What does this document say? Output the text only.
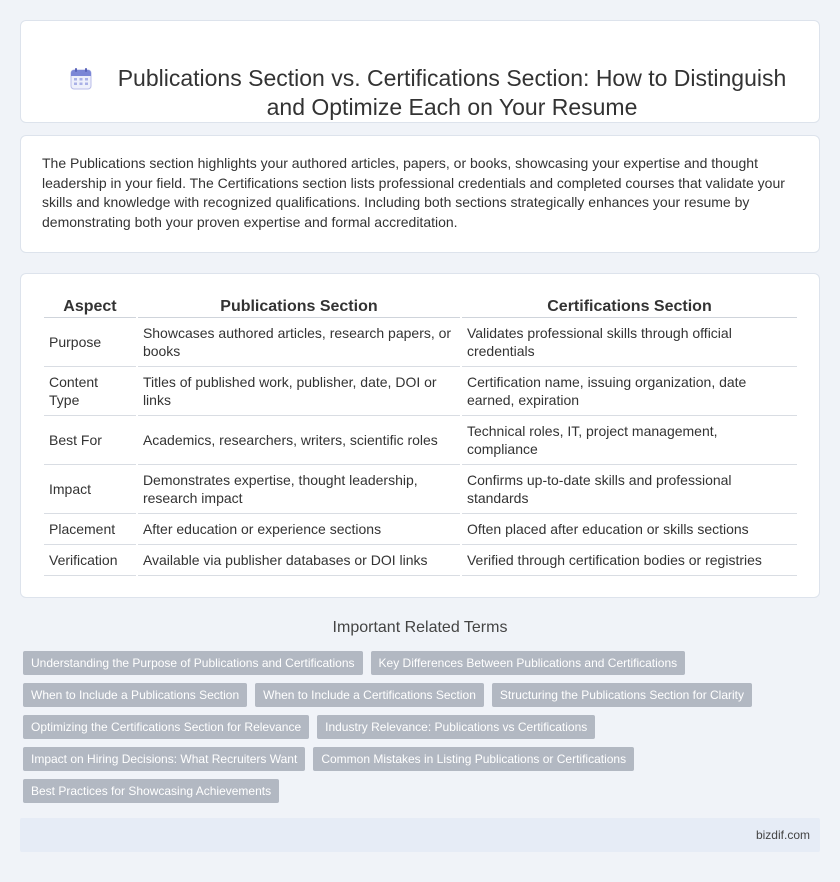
Publications Section vs. Certifications Section: How to Distinguish and Optimize Each on Your Resume

The Publications section highlights your authored articles, papers, or books, showcasing your expertise and thought leadership in your field. The Certifications section lists professional credentials and completed courses that validate your skills and knowledge with recognized qualifications. Including both sections strategically enhances your resume by demonstrating both your proven expertise and formal accreditation.

Aspect	Publications Section	Certifications Section
Purpose	Showcases authored articles, research papers, or books	Validates professional skills through official credentials
Content Type	Titles of published work, publisher, date, DOI or links	Certification name, issuing organization, date earned, expiration
Best For	Academics, researchers, writers, scientific roles	Technical roles, IT, project management, compliance
Impact	Demonstrates expertise, thought leadership, research impact	Confirms up-to-date skills and professional standards
Placement	After education or experience sections	Often placed after education or skills sections
Verification	Available via publisher databases or DOI links	Verified through certification bodies or registries
Important Related Terms
Understanding the Purpose of Publications and Certifications	Key Differences Between Publications and Certifications
When to Include a Publications Section	When to Include a Certifications Section	Structuring the Publications Section for Clarity
Optimizing the Certifications Section for Relevance	Industry Relevance: Publications vs Certifications
Impact on Hiring Decisions: What Recruiters Want	Common Mistakes in Listing Publications or Certifications
Best Practices for Showcasing Achievements
bizdif.com
